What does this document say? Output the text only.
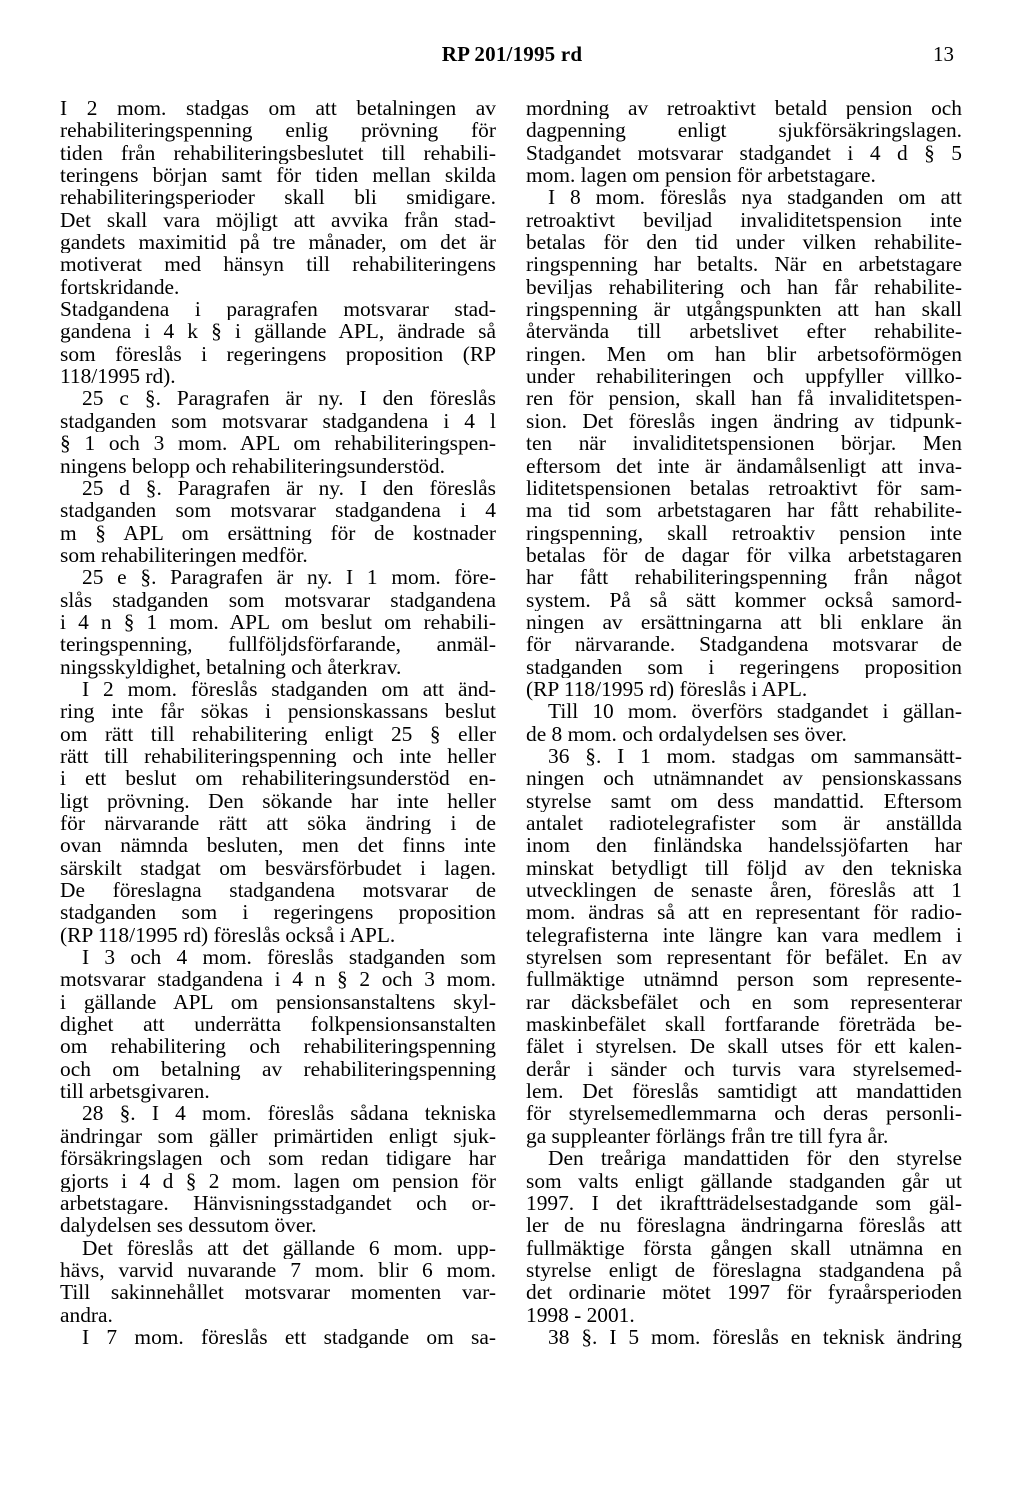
RP 201/1995 rd	13
I 2 mom. stadgas om att betalningen av
rehabiliteringspenning enlig prövning för
tiden från rehabiliteringsbeslutet till rehabili-
teringens början samt för tiden mellan skilda
rehabiliteringsperioder skall bli smidigare.
Det skall vara möjligt att avvika från stad-
gandets maximitid på tre månader, om det är
motiverat med hänsyn till rehabiliteringens
fortskridande.
Stadgandena i paragrafen motsvarar stad-
gandena i 4 k § i gällande APL, ändrade så
som föreslås i regeringens proposition (RP
118/1995 rd).
25 c §. Paragrafen är ny. I den föreslås
stadganden som motsvarar stadgandena i 4 l
§ 1 och 3 mom. APL om rehabiliteringspen-
ningens belopp och rehabiliteringsunderstöd.
25 d §. Paragrafen är ny. I den föreslås
stadganden som motsvarar stadgandena i 4
m § APL om ersättning för de kostnader
som rehabiliteringen medför.
25 e §. Paragrafen är ny. I 1 mom. före-
slås stadganden som motsvarar stadgandena
i 4 n § 1 mom. APL om beslut om rehabili-
teringspenning, fullföljdsförfarande, anmäl-
ningsskyldighet, betalning och återkrav.
I 2 mom. föreslås stadganden om att änd-
ring inte får sökas i pensionskassans beslut
om rätt till rehabilitering enligt 25 § eller
rätt till rehabiliteringspenning och inte heller
i ett beslut om rehabiliteringsunderstöd en-
ligt prövning. Den sökande har inte heller
för närvarande rätt att söka ändring i de
ovan nämnda besluten, men det finns inte
särskilt stadgat om besvärsförbudet i lagen.
De föreslagna stadgandena motsvarar de
stadganden som i regeringens proposition
(RP 118/1995 rd) föreslås också i APL.
I 3 och 4 mom. föreslås stadganden som
motsvarar stadgandena i 4 n § 2 och 3 mom.
i gällande APL om pensionsanstaltens skyl-
dighet att underrätta folkpensionsanstalten
om rehabilitering och rehabiliteringspenning
och om betalning av rehabiliteringspenning
till arbetsgivaren.
28 §. I 4 mom. föreslås sådana tekniska
ändringar som gäller primärtiden enligt sjuk-
försäkringslagen och som redan tidigare har
gjorts i 4 d § 2 mom. lagen om pension för
arbetstagare. Hänvisningsstadgandet och or-
dalydelsen ses dessutom över.
Det föreslås att det gällande 6 mom. upp-
hävs, varvid nuvarande 7 mom. blir 6 mom.
Till sakinnehållet motsvarar momenten var-
andra.
I 7 mom. föreslås ett stadgande om sa-
mordning av retroaktivt betald pension och
dagpenning enligt sjukförsäkringslagen.
Stadgandet motsvarar stadgandet i 4 d § 5
mom. lagen om pension för arbetstagare.
I 8 mom. föreslås nya stadganden om att
retroaktivt beviljad invaliditetspension inte
betalas för den tid under vilken rehabilite-
ringspenning har betalts. När en arbetstagare
beviljas rehabilitering och han får rehabilite-
ringspenning är utgångspunkten att han skall
återvända till arbetslivet efter rehabilite-
ringen. Men om han blir arbetsoförmögen
under rehabiliteringen och uppfyller villko-
ren för pension, skall han få invaliditetspen-
sion. Det föreslås ingen ändring av tidpunk-
ten när invaliditetspensionen börjar. Men
eftersom det inte är ändamålsenligt att inva-
liditetspensionen betalas retroaktivt för sam-
ma tid som arbetstagaren har fått rehabilite-
ringspenning, skall retroaktiv pension inte
betalas för de dagar för vilka arbetstagaren
har fått rehabiliteringspenning från något
system. På så sätt kommer också samord-
ningen av ersättningarna att bli enklare än
för närvarande. Stadgandena motsvarar de
stadganden som i regeringens proposition
(RP 118/1995 rd) föreslås i APL.
Till 10 mom. överförs stadgandet i gällan-
de 8 mom. och ordalydelsen ses över.
36 §. I 1 mom. stadgas om sammansätt-
ningen och utnämnandet av pensionskassans
styrelse samt om dess mandattid. Eftersom
antalet radiotelegrafister som är anställda
inom den finländska handelssjöfarten har
minskat betydligt till följd av den tekniska
utvecklingen de senaste åren, föreslås att 1
mom. ändras så att en representant för radio-
telegrafisterna inte längre kan vara medlem i
styrelsen som representant för befälet. En av
fullmäktige utnämnd person som represente-
rar däcksbefälet och en som representerar
maskinbefälet skall fortfarande företräda be-
fälet i styrelsen. De skall utses för ett kalen-
derår i sänder och turvis vara styrelsemed-
lem. Det föreslås samtidigt att mandattiden
för styrelsemedlemmarna och deras personli-
ga suppleanter förlängs från tre till fyra år.
Den treåriga mandattiden för den styrelse
som valts enligt gällande stadganden går ut
1997. I det ikraftträdelsestadgande som gäl-
ler de nu föreslagna ändringarna föreslås att
fullmäktige första gången skall utnämna en
styrelse enligt de föreslagna stadgandena på
det ordinarie mötet 1997 för fyraårsperioden
1998 - 2001.
38 §. I 5 mom. föreslås en teknisk ändring
